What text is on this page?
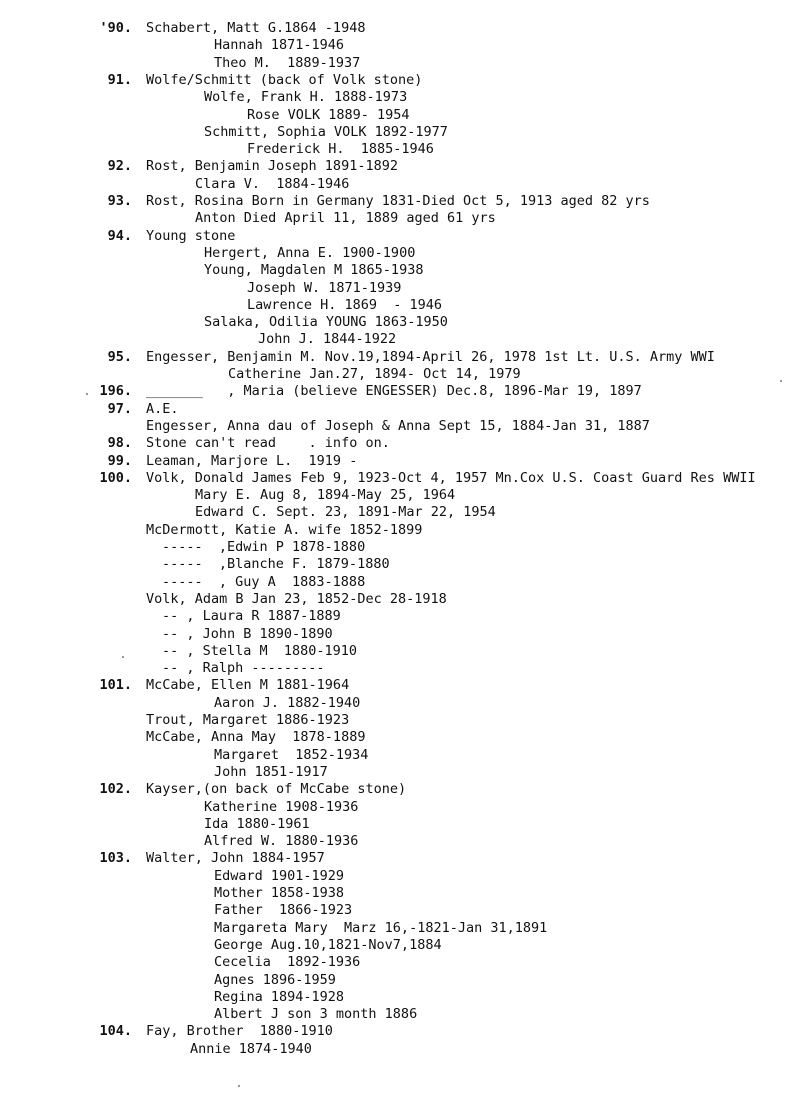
'90. Schabert, Matt G.1864 -1948
Hannah 1871-1946
Theo M.  1889-1937
91. Wolfe/Schmitt (back of Volk stone)
Wolfe, Frank H. 1888-1973
Rose VOLK 1889- 1954
Schmitt, Sophia VOLK 1892-1977
Frederick H.  1885-1946
92. Rost, Benjamin Joseph 1891-1892
Clara V.  1884-1946
93. Rost, Rosina Born in Germany 1831-Died Oct 5, 1913 aged 82 yrs
Anton Died April 11, 1889 aged 61 yrs
94. Young stone
Hergert, Anna E. 1900-1900
Young, Magdalen M 1865-1938
Joseph W. 1871-1939
Lawrence H. 1869  - 1946
Salaka, Odilia YOUNG 1863-1950
John J. 1844-1922
95. Engesser, Benjamin M. Nov.19,1894-April 26, 1978 1st Lt. U.S. Army WWI
Catherine Jan.27, 1894- Oct 14, 1979
196. _______   , Maria (believe ENGESSER) Dec.8, 1896-Mar 19, 1897
97. A.E.
Engesser, Anna dau of Joseph & Anna Sept 15, 1884-Jan 31, 1887
98. Stone can't read    . info on.
99. Leaman, Marjore L.  1919 -
100. Volk, Donald James Feb 9, 1923-Oct 4, 1957 Mn.Cox U.S. Coast Guard Res WWII
Mary E. Aug 8, 1894-May 25, 1964
Edward C. Sept. 23, 1891-Mar 22, 1954
McDermott, Katie A. wife 1852-1899
-----  ,Edwin P 1878-1880
-----  ,Blanche F. 1879-1880
-----  , Guy A  1883-1888
Volk, Adam B Jan 23, 1852-Dec 28-1918
-- , Laura R 1887-1889
-- , John B 1890-1890
-- , Stella M  1880-1910
-- , Ralph ---------
101. McCabe, Ellen M 1881-1964
Aaron J. 1882-1940
Trout, Margaret 1886-1923
McCabe, Anna May  1878-1889
Margaret  1852-1934
John 1851-1917
102. Kayser,(on back of McCabe stone)
Katherine 1908-1936
Ida 1880-1961
Alfred W. 1880-1936
103. Walter, John 1884-1957
Edward 1901-1929
Mother 1858-1938
Father  1866-1923
Margareta Mary  Marz 16,-1821-Jan 31,1891
George Aug.10,1821-Nov7,1884
Cecelia  1892-1936
Agnes 1896-1959
Regina 1894-1928
Albert J son 3 month 1886
104. Fay, Brother  1880-1910
Annie 1874-1940
